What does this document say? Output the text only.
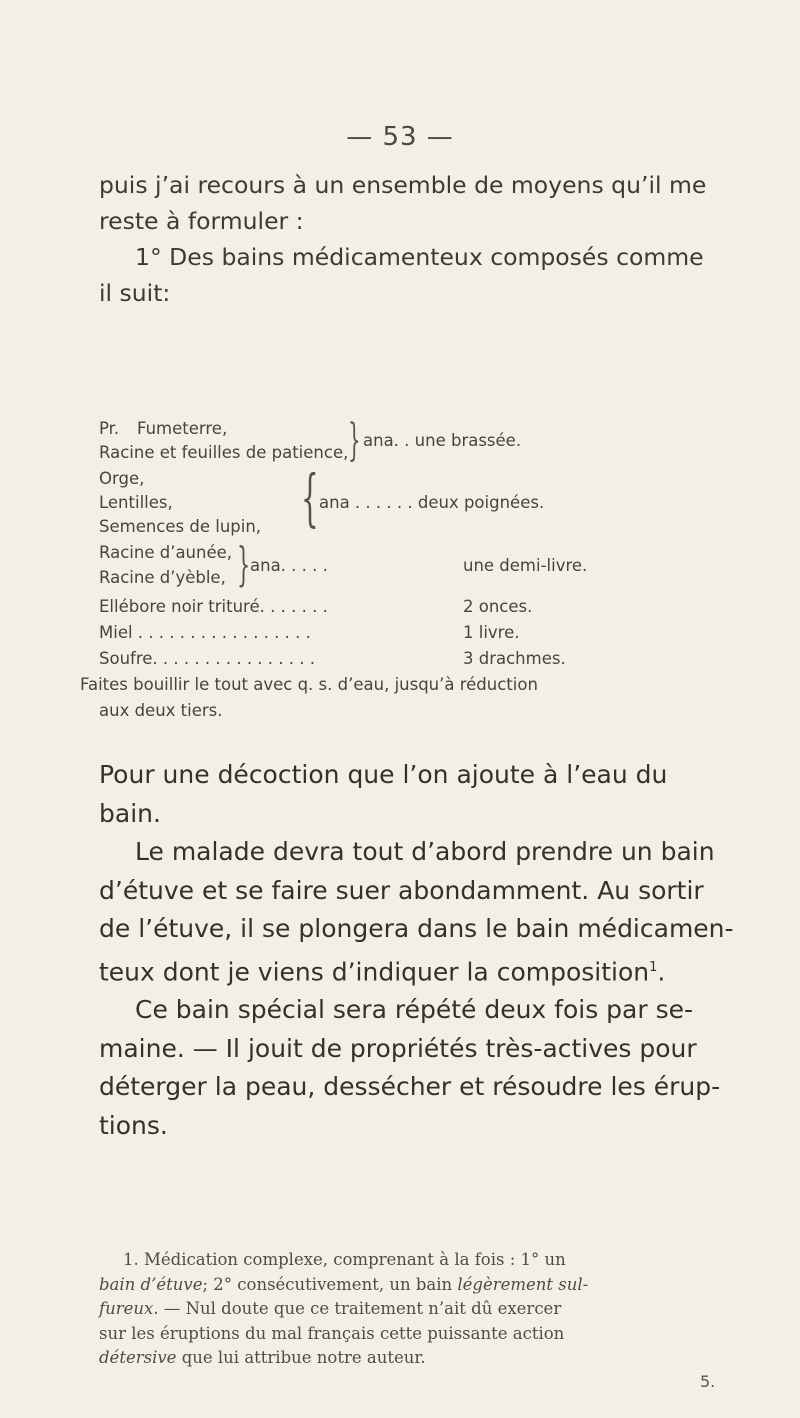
— 53 —
puis j’ai recours à un ensemble de moyens qu’il me
reste à formuler :
1° Des bains médicamenteux composés comme
il suit:
Pr. Fumeterre,
Racine et feuilles de patience, } ana. . une brassée.
Orge,
Lentilles,
Semences de lupin, { ana . . . . . . deux poignées.
Racine d’aunée,
Racine d’yèble, } ana. . . . .	une demi-livre.
Ellébore noir trituré. . . . . . .	2 onces.
Miel . . . . . . . . . . . . . . . . .	1 livre.
Soufre. . . . . . . . . . . . . . . .	3 drachmes.
Faites bouillir le tout avec q. s. d’eau, jusqu’à réduction
aux deux tiers.
Pour une décoction que l’on ajoute à l’eau du
bain.
Le malade devra tout d’abord prendre un bain
d’étuve et se faire suer abondamment. Au sortir
de l’étuve, il se plongera dans le bain médicamen-
teux dont je viens d’indiquer la composition$^1$.
Ce bain spécial sera répété deux fois par se-
maine. — Il jouit de propriétés très-actives pour
déterger la peau, dessécher et résoudre les érup-
tions.
1. Médication complexe, comprenant à la fois : 1° un
bain d’étuve; 2° consécutivement, un bain légèrement sul-
fureux. — Nul doute que ce traitement n’ait dû exercer
sur les éruptions du mal français cette puissante action
détersive que lui attribue notre auteur.
5.
